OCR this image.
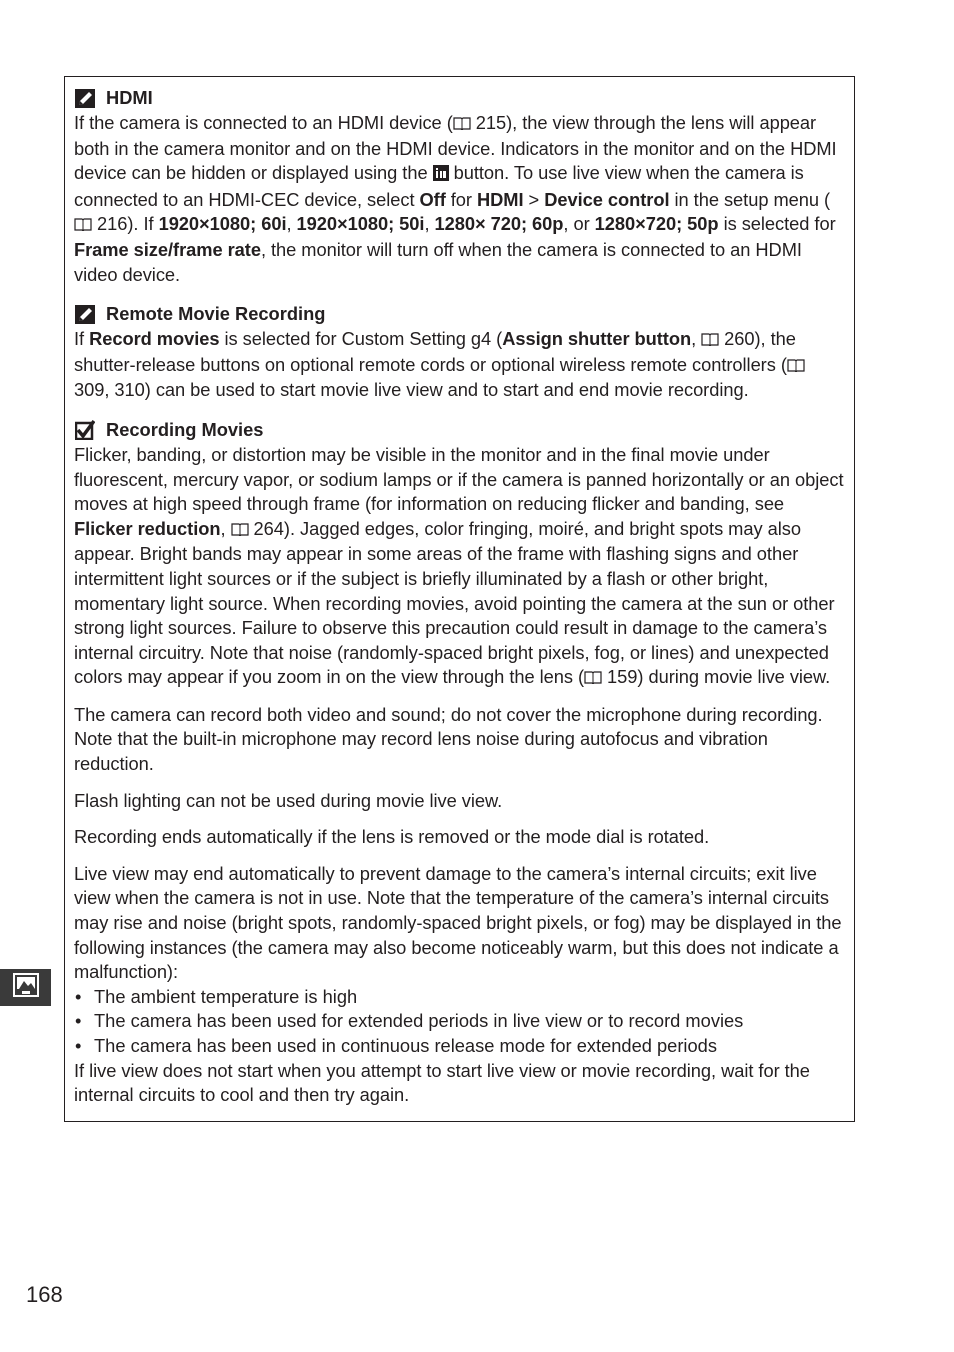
HDMI

If the camera is connected to an HDMI device ( 215), the view through the lens will appear both in the camera monitor and on the HDMI device. Indicators in the monitor and on the HDMI device can be hidden or displayed using the  button. To use live view when the camera is connected to an HDMI-CEC device, select Off for HDMI > Device control in the setup menu ( 216). If 1920×1080; 60i, 1920×1080; 50i, 1280× 720; 60p, or 1280×720; 50p is selected for Frame size/frame rate, the monitor will turn off when the camera is connected to an HDMI video device.

Remote Movie Recording

If Record movies is selected for Custom Setting g4 (Assign shutter button,  260), the shutter-release buttons on optional remote cords or optional wireless remote controllers ( 309, 310) can be used to start movie live view and to start and end movie recording.

Recording Movies

Flicker, banding, or distortion may be visible in the monitor and in the final movie under fluorescent, mercury vapor, or sodium lamps or if the camera is panned horizontally or an object moves at high speed through frame (for information on reducing flicker and banding, see Flicker reduction,  264). Jagged edges, color fringing, moiré, and bright spots may also appear. Bright bands may appear in some areas of the frame with flashing signs and other intermittent light sources or if the subject is briefly illuminated by a flash or other bright, momentary light source. When recording movies, avoid pointing the camera at the sun or other strong light sources. Failure to observe this precaution could result in damage to the camera’s internal circuitry. Note that noise (randomly-spaced bright pixels, fog, or lines) and unexpected colors may appear if you zoom in on the view through the lens ( 159) during movie live view.

The camera can record both video and sound; do not cover the microphone during recording. Note that the built-in microphone may record lens noise during autofocus and vibration reduction.

Flash lighting can not be used during movie live view.

Recording ends automatically if the lens is removed or the mode dial is rotated.

Live view may end automatically to prevent damage to the camera’s internal circuits; exit live view when the camera is not in use. Note that the temperature of the camera’s internal circuits may rise and noise (bright spots, randomly-spaced bright pixels, or fog) may be displayed in the following instances (the camera may also become noticeably warm, but this does not indicate a malfunction):

• The ambient temperature is high
• The camera has been used for extended periods in live view or to record movies
• The camera has been used in continuous release mode for extended periods

If live view does not start when you attempt to start live view or movie recording, wait for the internal circuits to cool and then try again.

168
